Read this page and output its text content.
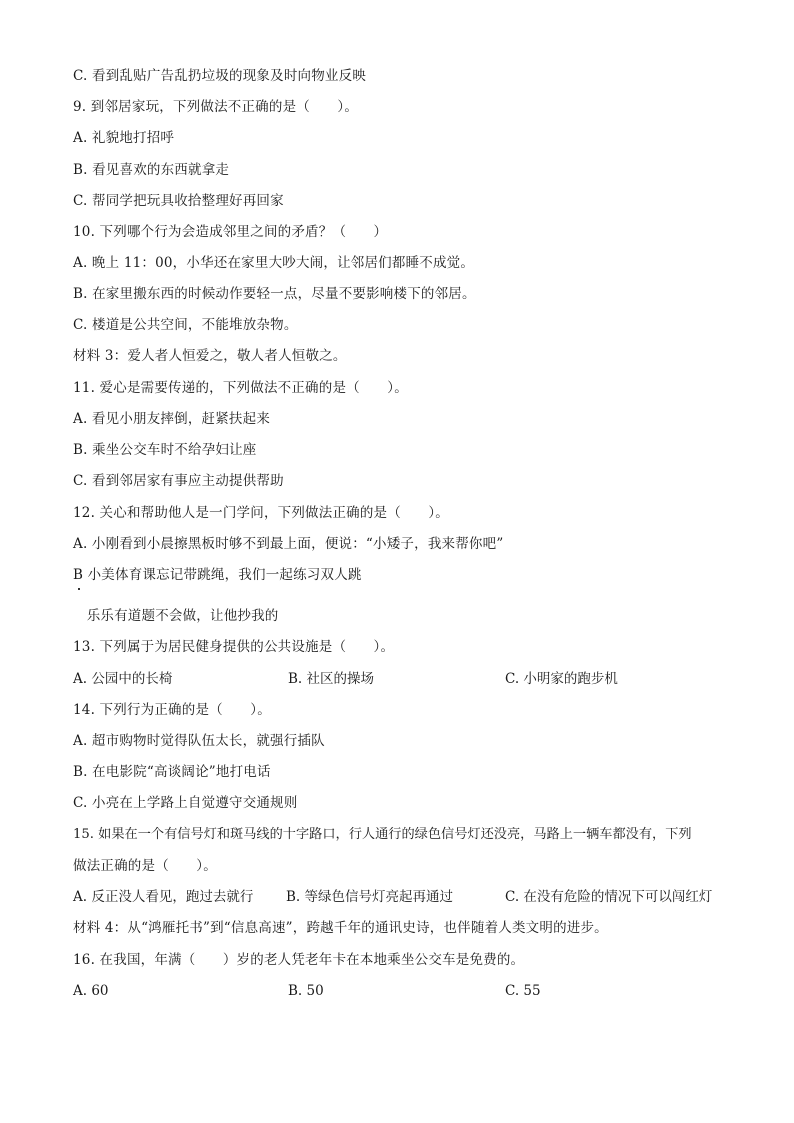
C. 看到乱贴广告乱扔垃圾的现象及时向物业反映
9. 到邻居家玩，下列做法不正确的是（　　）。
A. 礼貌地打招呼
B. 看见喜欢的东西就拿走
C. 帮同学把玩具收拾整理好再回家
10. 下列哪个行为会造成邻里之间的矛盾？（　　）
A. 晚上 11：00，小华还在家里大吵大闹，让邻居们都睡不成觉。
B. 在家里搬东西的时候动作要轻一点，尽量不要影响楼下的邻居。
C. 楼道是公共空间，不能堆放杂物。
材料 3：爱人者人恒爱之，敬人者人恒敬之。
11. 爱心是需要传递的，下列做法不正确的是（　　）。
A. 看见小朋友摔倒，赶紧扶起来
B. 乘坐公交车时不给孕妇让座
C. 看到邻居家有事应主动提供帮助
12. 关心和帮助他人是一门学问，下列做法正确的是（　　）。
A. 小刚看到小晨擦黑板时够不到最上面，便说：“小矮子，我来帮你吧”
B 小美体育课忘记带跳绳，我们一起练习双人跳
　乐乐有道题不会做，让他抄我的
13. 下列属于为居民健身提供的公共设施是（　　）。
A. 公园中的长椅	B. 社区的操场	C. 小明家的跑步机
14. 下列行为正确的是（　　）。
A. 超市购物时觉得队伍太长，就强行插队
B. 在电影院“高谈阔论”地打电话
C. 小亮在上学路上自觉遵守交通规则
15. 如果在一个有信号灯和斑马线的十字路口，行人通行的绿色信号灯还没亮，马路上一辆车都没有，下列
做法正确的是（　　）。
A. 反正没人看见，跑过去就行 B. 等绿色信号灯亮起再通过	C. 在没有危险的情况下可以闯红灯
材料 4：从“鸿雁托书”到“信息高速”，跨越千年的通讯史诗，也伴随着人类文明的进步。
16. 在我国，年满（　　）岁的老人凭老年卡在本地乘坐公交车是免费的。
A. 60	B. 50	C. 55
